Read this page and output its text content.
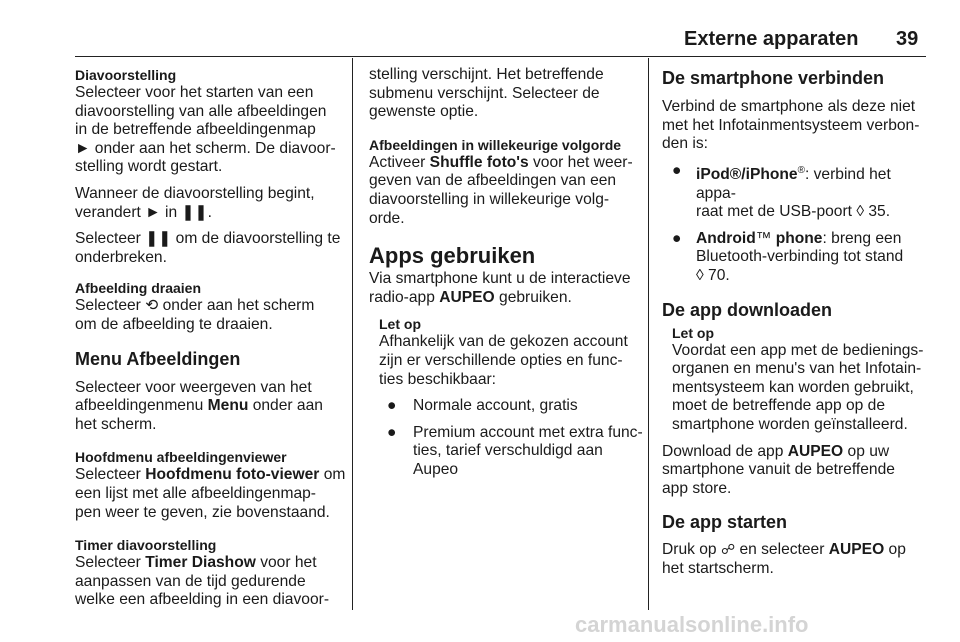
Externe apparaten 39

Diavoorstelling

Selecteer voor het starten van een

diavoorstelling van alle afbeeldingen

in de betreffende afbeeldingenmap

► onder aan het scherm. De diavoor-

stelling wordt gestart.

Wanneer de diavoorstelling begint,

verandert ► in ❚❚.

Selecteer ❚❚ om de diavoorstelling te

onderbreken.

Afbeelding draaien

Selecteer ⟲ onder aan het scherm

om de afbeelding te draaien.

Menu Afbeeldingen

Selecteer voor weergeven van het

afbeeldingenmenu Menu onder aan

het scherm.

Hoofdmenu afbeeldingenviewer

Selecteer Hoofdmenu foto-viewer om

een lijst met alle afbeeldingenmap-

pen weer te geven, zie bovenstaand.

Timer diavoorstelling

Selecteer Timer Diashow voor het

aanpassen van de tijd gedurende

welke een afbeelding in een diavoor-

stelling verschijnt. Het betreffende

submenu verschijnt. Selecteer de

gewenste optie.

Afbeeldingen in willekeurige volgorde

Activeer Shuffle foto's voor het weer-

geven van de afbeeldingen van een

diavoorstelling in willekeurige volg-

orde.

Apps gebruiken

Via smartphone kunt u de interactieve

radio-app AUPEO gebruiken.

Let op

Afhankelijk van de gekozen account

zijn er verschillende opties en func-

ties beschikbaar:

● Normale account, gratis

● Premium account met extra func-

ties, tarief verschuldigd aan

Aupeo

De smartphone verbinden

Verbind de smartphone als deze niet

met het Infotainmentsysteem verbon-

den is:

● iPod®/iPhone®: verbind het appa-

raat met de USB-poort ◊ 35.

● Android™ phone: breng een

Bluetooth-verbinding tot stand

◊ 70.

De app downloaden

Let op

Voordat een app met de bedienings-

organen en menu's van het Infotain-

mentsysteem kan worden gebruikt,

moet de betreffende app op de

smartphone worden geïnstalleerd.

Download de app AUPEO op uw

smartphone vanuit de betreffende

app store.

De app starten

Druk op ☍ en selecteer AUPEO op

het startscherm.

carmanualsonline.info
